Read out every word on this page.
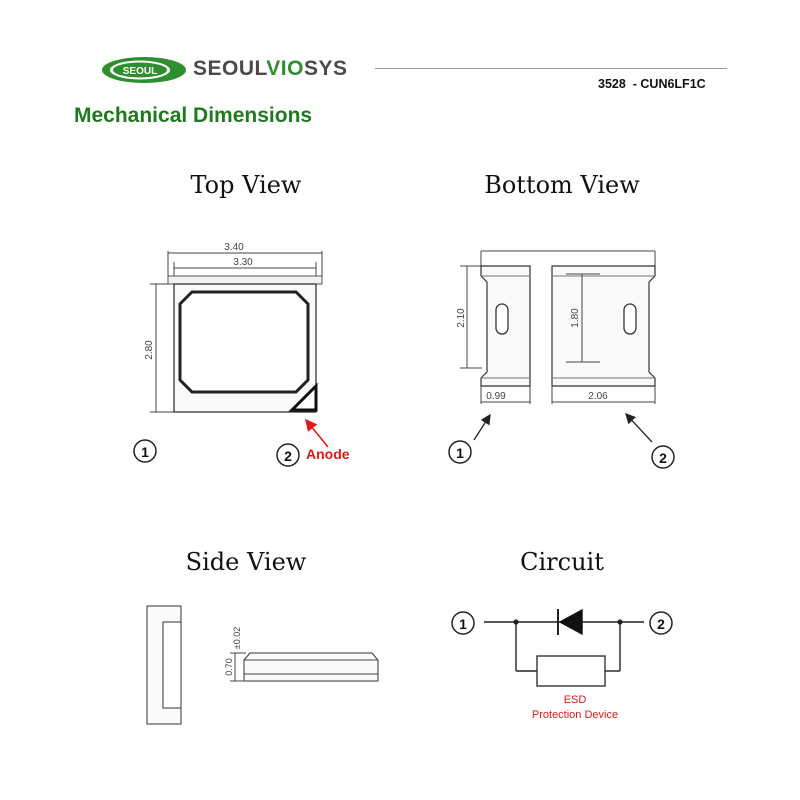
SEOUL SEOULVIOSYS
3528  - CUN6LF1C
Mechanical Dimensions
Top View	Bottom View
Side View	Circuit
3.40
3.30
2.80
1	2 Anode
2.10	1.80
0.99	2.06
1	2
0.70
±0.02
1	2
ESD
Protection Device
